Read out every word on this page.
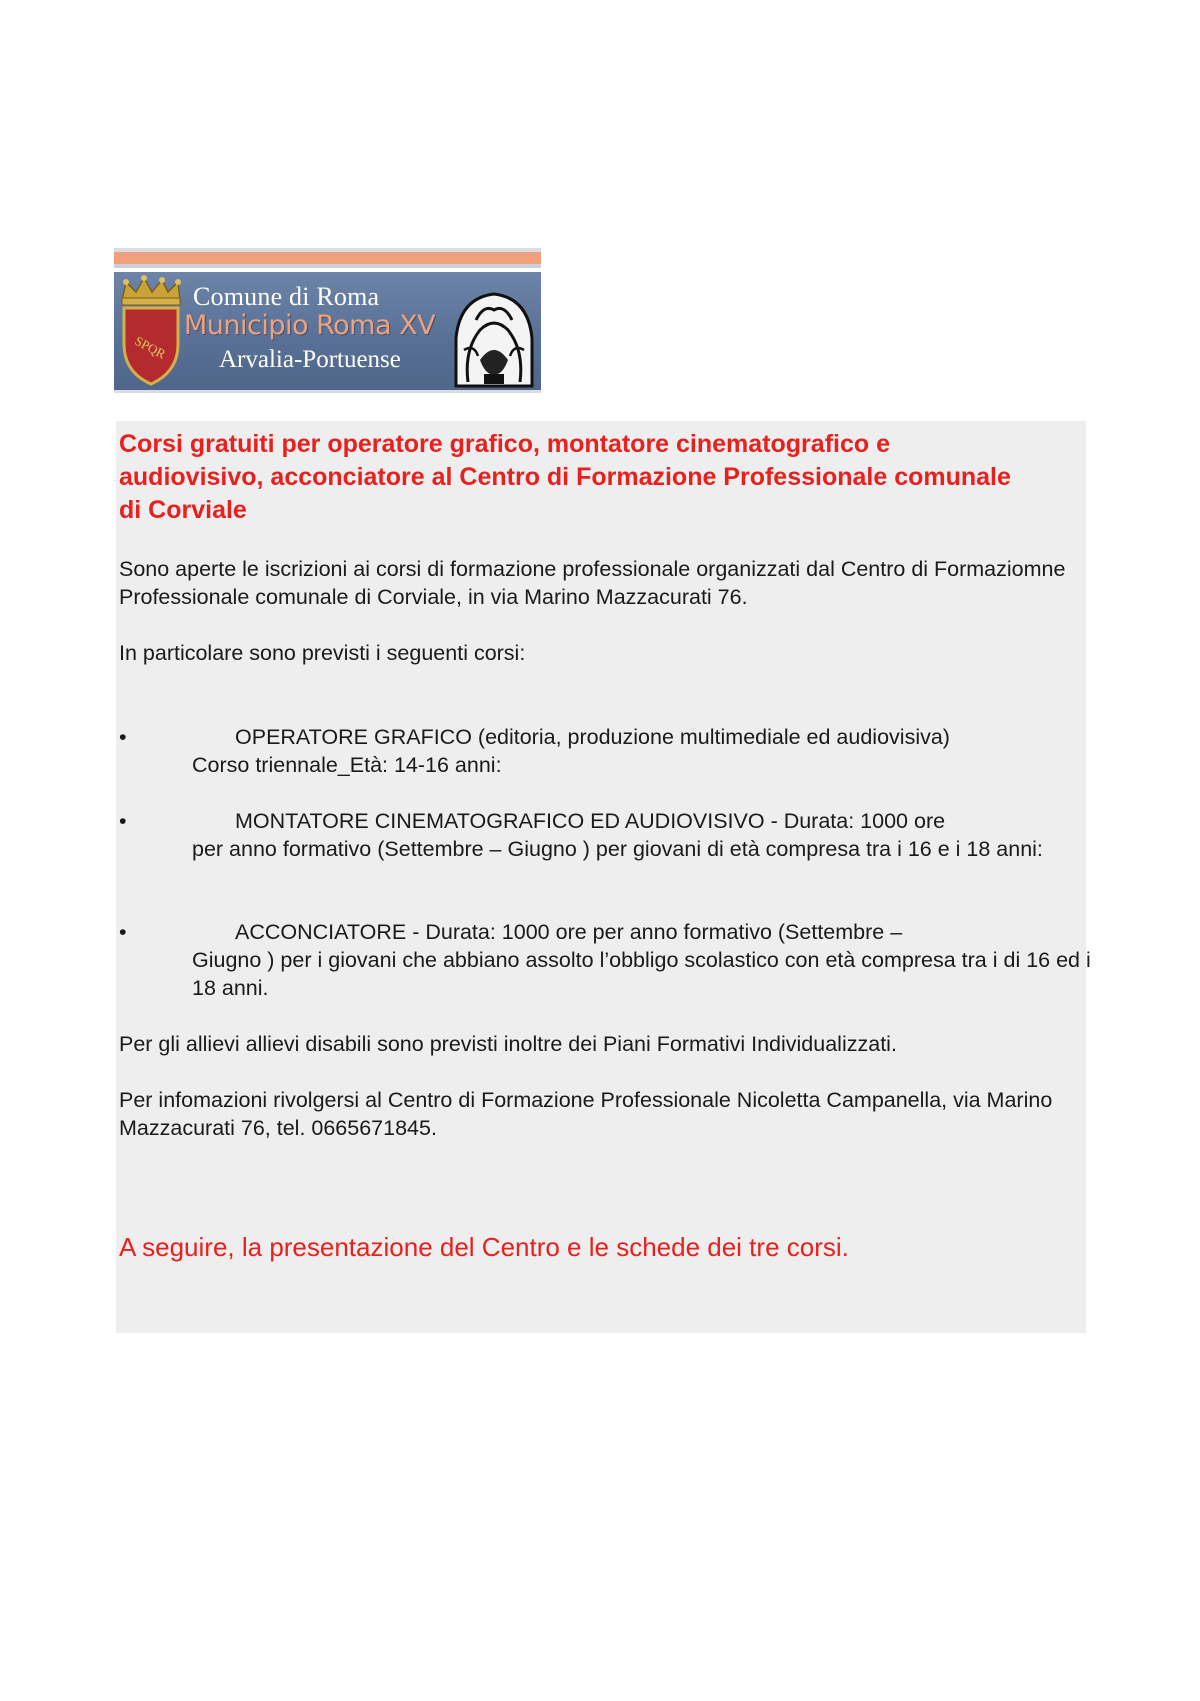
SPQR
Comune di Roma
Municipio Roma XV
Arvalia-Portuense
Corsi gratuiti per operatore grafico, montatore cinematografico e audiovisivo, acconciatore al Centro di Formazione Professionale comunale di Corviale

Sono aperte le iscrizioni ai corsi di formazione professionale organizzati dal Centro di Formaziomne Professionale comunale di Corviale, in via Marino Mazzacurati 76.

In particolare sono previsti i seguenti corsi:

•	OPERATORE GRAFICO (editoria, produzione multimediale ed audiovisiva)
Corso triennale_Età: 14-16 anni:

•	MONTATORE CINEMATOGRAFICO ED AUDIOVISIVO - Durata: 1000 ore
per anno formativo (Settembre – Giugno ) per giovani di età compresa tra i 16 e i 18 anni:

•	ACCONCIATORE - Durata: 1000 ore per anno formativo (Settembre –
Giugno ) per i giovani che abbiano assolto l’obbligo scolastico con età compresa tra i di 16 ed i 18 anni.

Per gli allievi allievi disabili sono previsti inoltre dei Piani Formativi Individualizzati.

Per infomazioni rivolgersi al Centro di Formazione Professionale Nicoletta Campanella, via Marino Mazzacurati 76, tel. 0665671845.

A seguire, la presentazione del Centro e le schede dei tre corsi.
